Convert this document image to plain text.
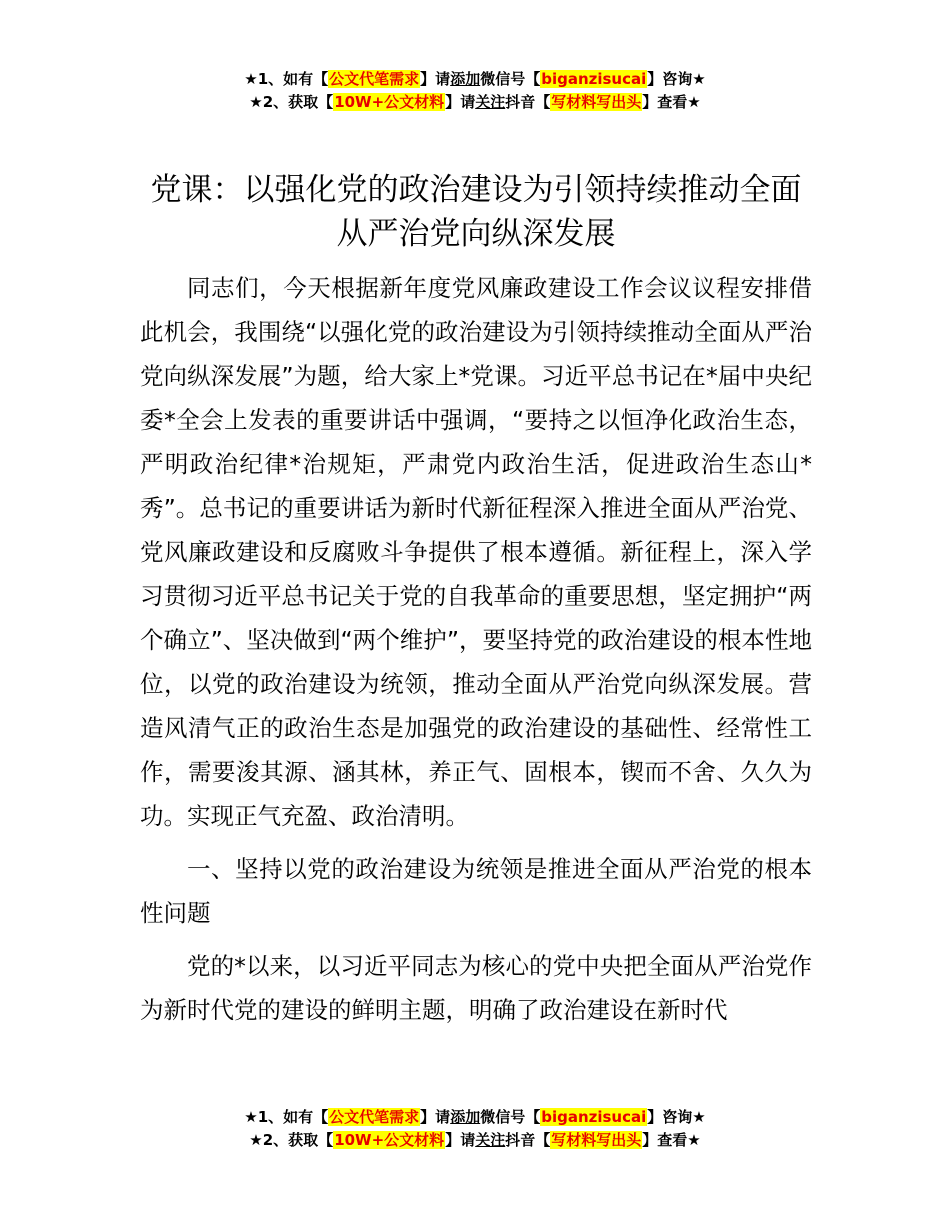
★1、如有【公文代笔需求】请添加微信号【biganzisucai】咨询★
★2、获取【10W+公文材料】请关注抖音【写材料写出头】查看★
党课：以强化党的政治建设为引领持续推动全面从严治党向纵深发展

同志们，今天根据新年度党风廉政建设工作会议议程安排借此机会，我围绕“以强化党的政治建设为引领持续推动全面从严治党向纵深发展”为题，给大家上*党课。习近平总书记在*届中央纪委*全会上发表的重要讲话中强调，“要持之以恒净化政治生态，严明政治纪律*治规矩，严肃党内政治生活，促进政治生态山*秀”。总书记的重要讲话为新时代新征程深入推进全面从严治党、党风廉政建设和反腐败斗争提供了根本遵循。新征程上，深入学习贯彻习近平总书记关于党的自我革命的重要思想，坚定拥护“两个确立”、坚决做到“两个维护”，要坚持党的政治建设的根本性地位，以党的政治建设为统领，推动全面从严治党向纵深发展。营造风清气正的政治生态是加强党的政治建设的基础性、经常性工作，需要浚其源、涵其林，养正气、固根本，锲而不舍、久久为功。实现正气充盈、政治清明。

一、坚持以党的政治建设为统领是推进全面从严治党的根本性问题

党的*以来，以习近平同志为核心的党中央把全面从严治党作为新时代党的建设的鲜明主题，明确了政治建设在新时代

★1、如有【公文代笔需求】请添加微信号【biganzisucai】咨询★
★2、获取【10W+公文材料】请关注抖音【写材料写出头】查看★
